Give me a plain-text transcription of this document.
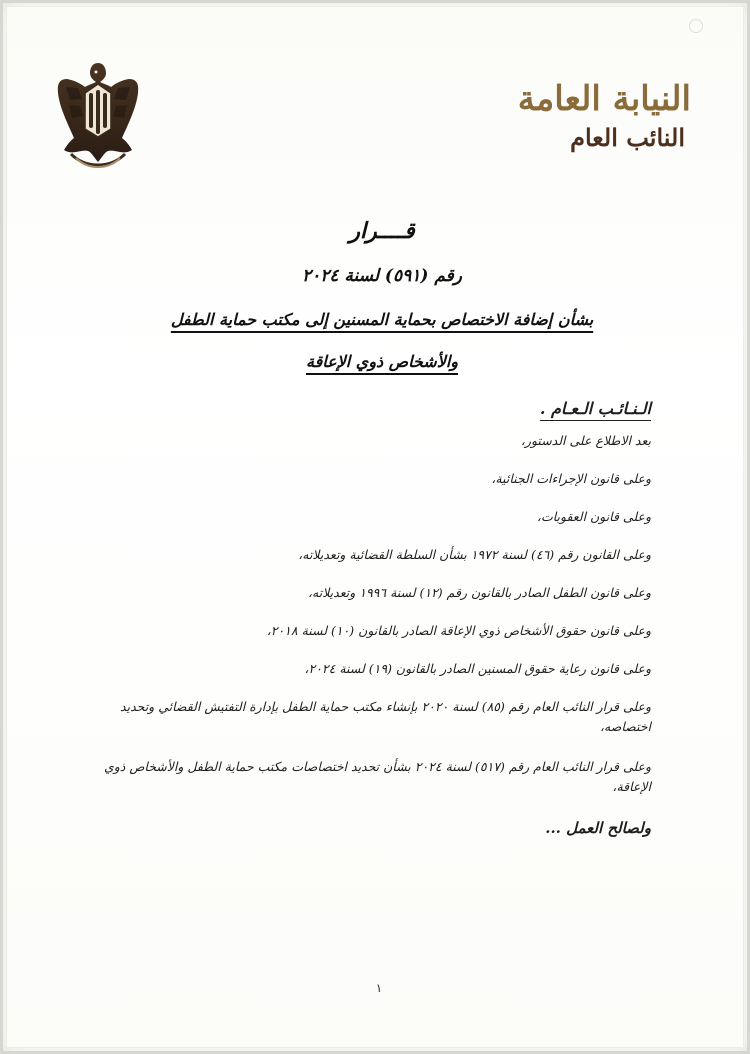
النيابة العامة
النائب العام
قــــرار
رقم (٥٩١) لسنة ٢٠٢٤
بشأن إضافة الاختصاص بحماية المسنين إلى مكتب حماية الطفل
والأشخاص ذوي الإعاقة
الـنـائـب الـعـام .

بعد الاطلاع على الدستور،

وعلى قانون الإجراءات الجنائية،

وعلى قانون العقوبات،

وعلى القانون رقم (٤٦) لسنة ١٩٧٢ بشأن السلطة القضائية وتعديلاته،

وعلى قانون الطفل الصادر بالقانون رقم (١٢) لسنة ١٩٩٦ وتعديلاته،

وعلى قانون حقوق الأشخاص ذوي الإعاقة الصادر بالقانون (١٠) لسنة ٢٠١٨،

وعلى قانون رعاية حقوق المسنين الصادر بالقانون (١٩) لسنة ٢٠٢٤،

وعلى قرار النائب العام رقم (٨٥) لسنة ٢٠٢٠ بإنشاء مكتب حماية الطفل بإدارة التفتيش القضائي وتحديد اختصاصه،

وعلى قرار النائب العام رقم (٥١٧) لسنة ٢٠٢٤ بشأن تحديد اختصاصات مكتب حماية الطفل والأشخاص ذوي الإعاقة،

ولصالح العمل ...
١
